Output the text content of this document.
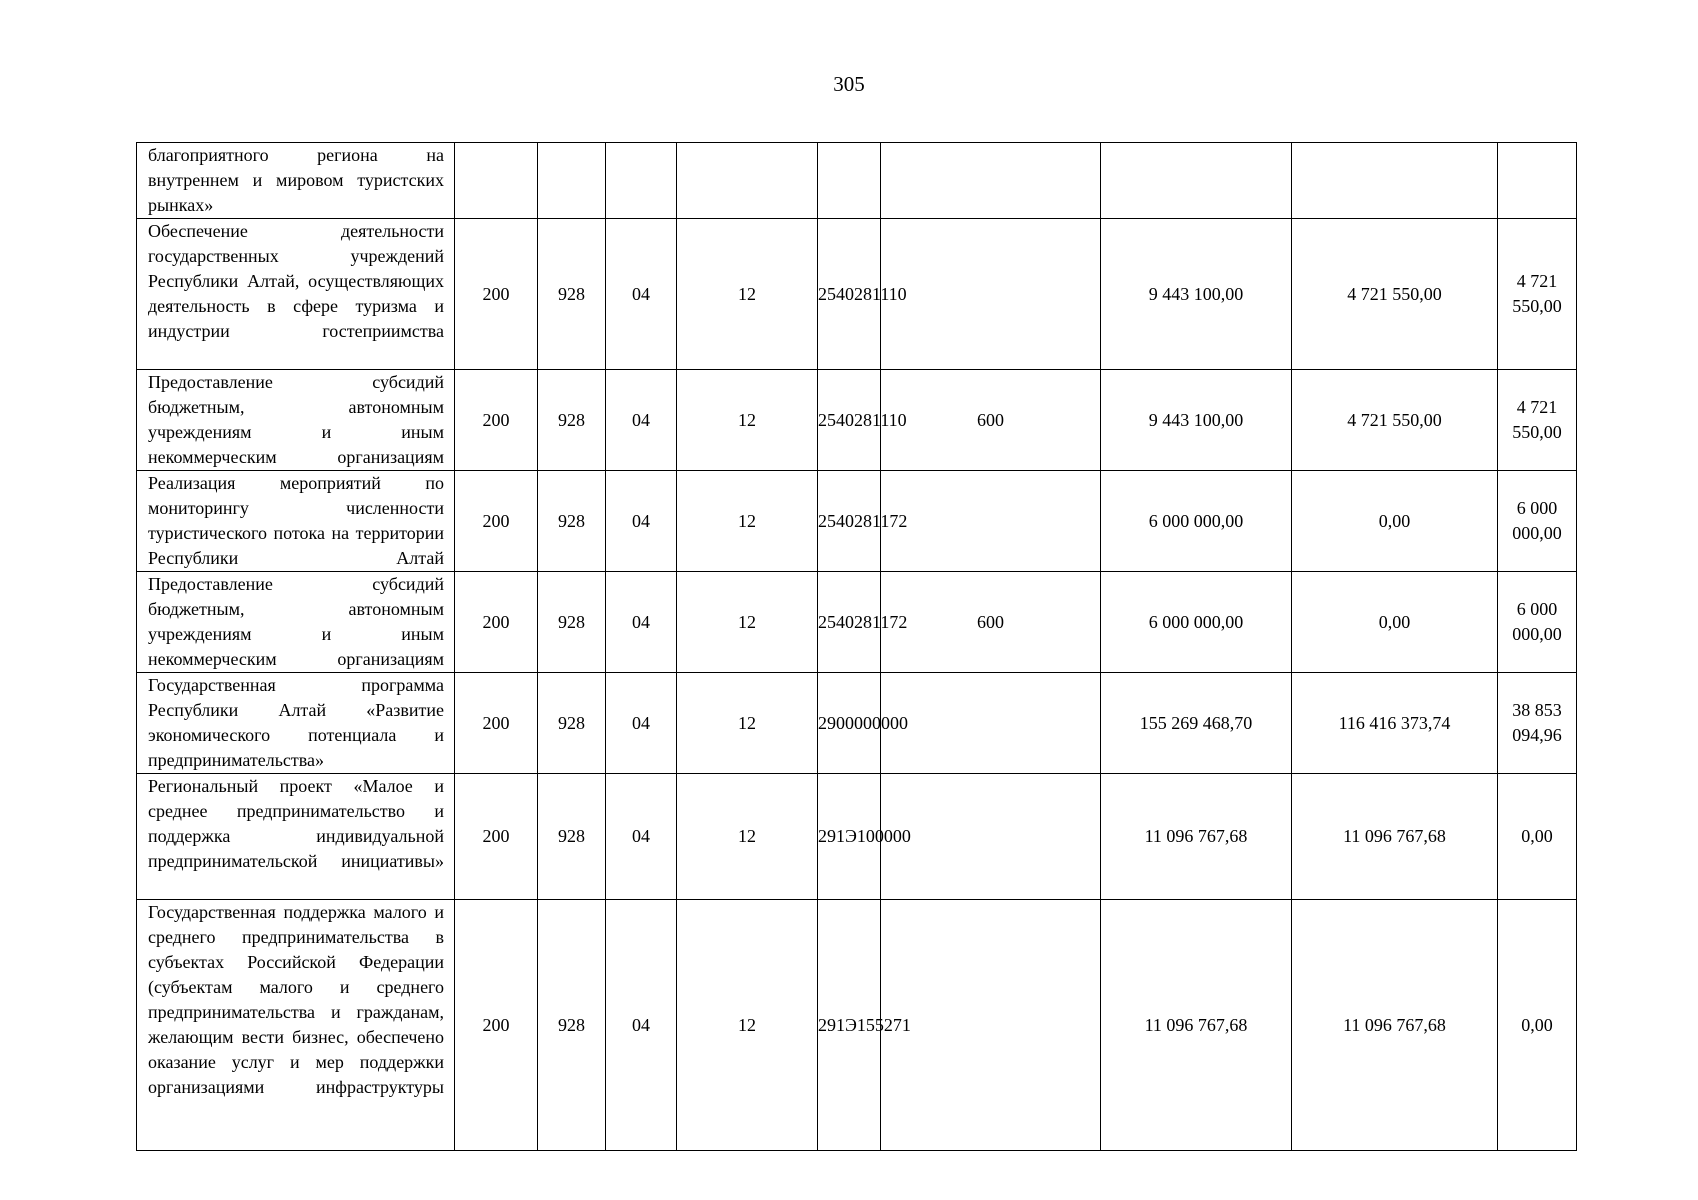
305
благоприятного региона на внутреннем и мировом туристских рынках»									
Обеспечение деятельности государственных учреждений Республики Алтай, осуществляющих деятельность в сфере туризма и индустрии гостеприимства	200	928	04	12	2540281110		9 443 100,00	4 721 550,00	4 721 550,00
Предоставление субсидий бюджетным, автономным учреждениям и иным некоммерческим организациям	200	928	04	12	2540281110	600	9 443 100,00	4 721 550,00	4 721 550,00
Реализация мероприятий по мониторингу численности туристического потока на территории Республики Алтай	200	928	04	12	2540281172		6 000 000,00	0,00	6 000 000,00
Предоставление субсидий бюджетным, автономным учреждениям и иным некоммерческим организациям	200	928	04	12	2540281172	600	6 000 000,00	0,00	6 000 000,00
Государственная программа Республики Алтай «Развитие экономического потенциала и предпринимательства»	200	928	04	12	2900000000		155 269 468,70	116 416 373,74	38 853 094,96
Региональный проект «Малое и среднее предпринимательство и поддержка индивидуальной предпринимательской инициативы»	200	928	04	12	291Э100000		11 096 767,68	11 096 767,68	0,00
Государственная поддержка малого и среднего предпринимательства в субъектах Российской Федерации (субъектам малого и среднего предпринимательства и гражданам, желающим вести бизнес, обеспечено оказание услуг и мер поддержки организациями инфраструктуры	200	928	04	12	291Э155271		11 096 767,68	11 096 767,68	0,00
